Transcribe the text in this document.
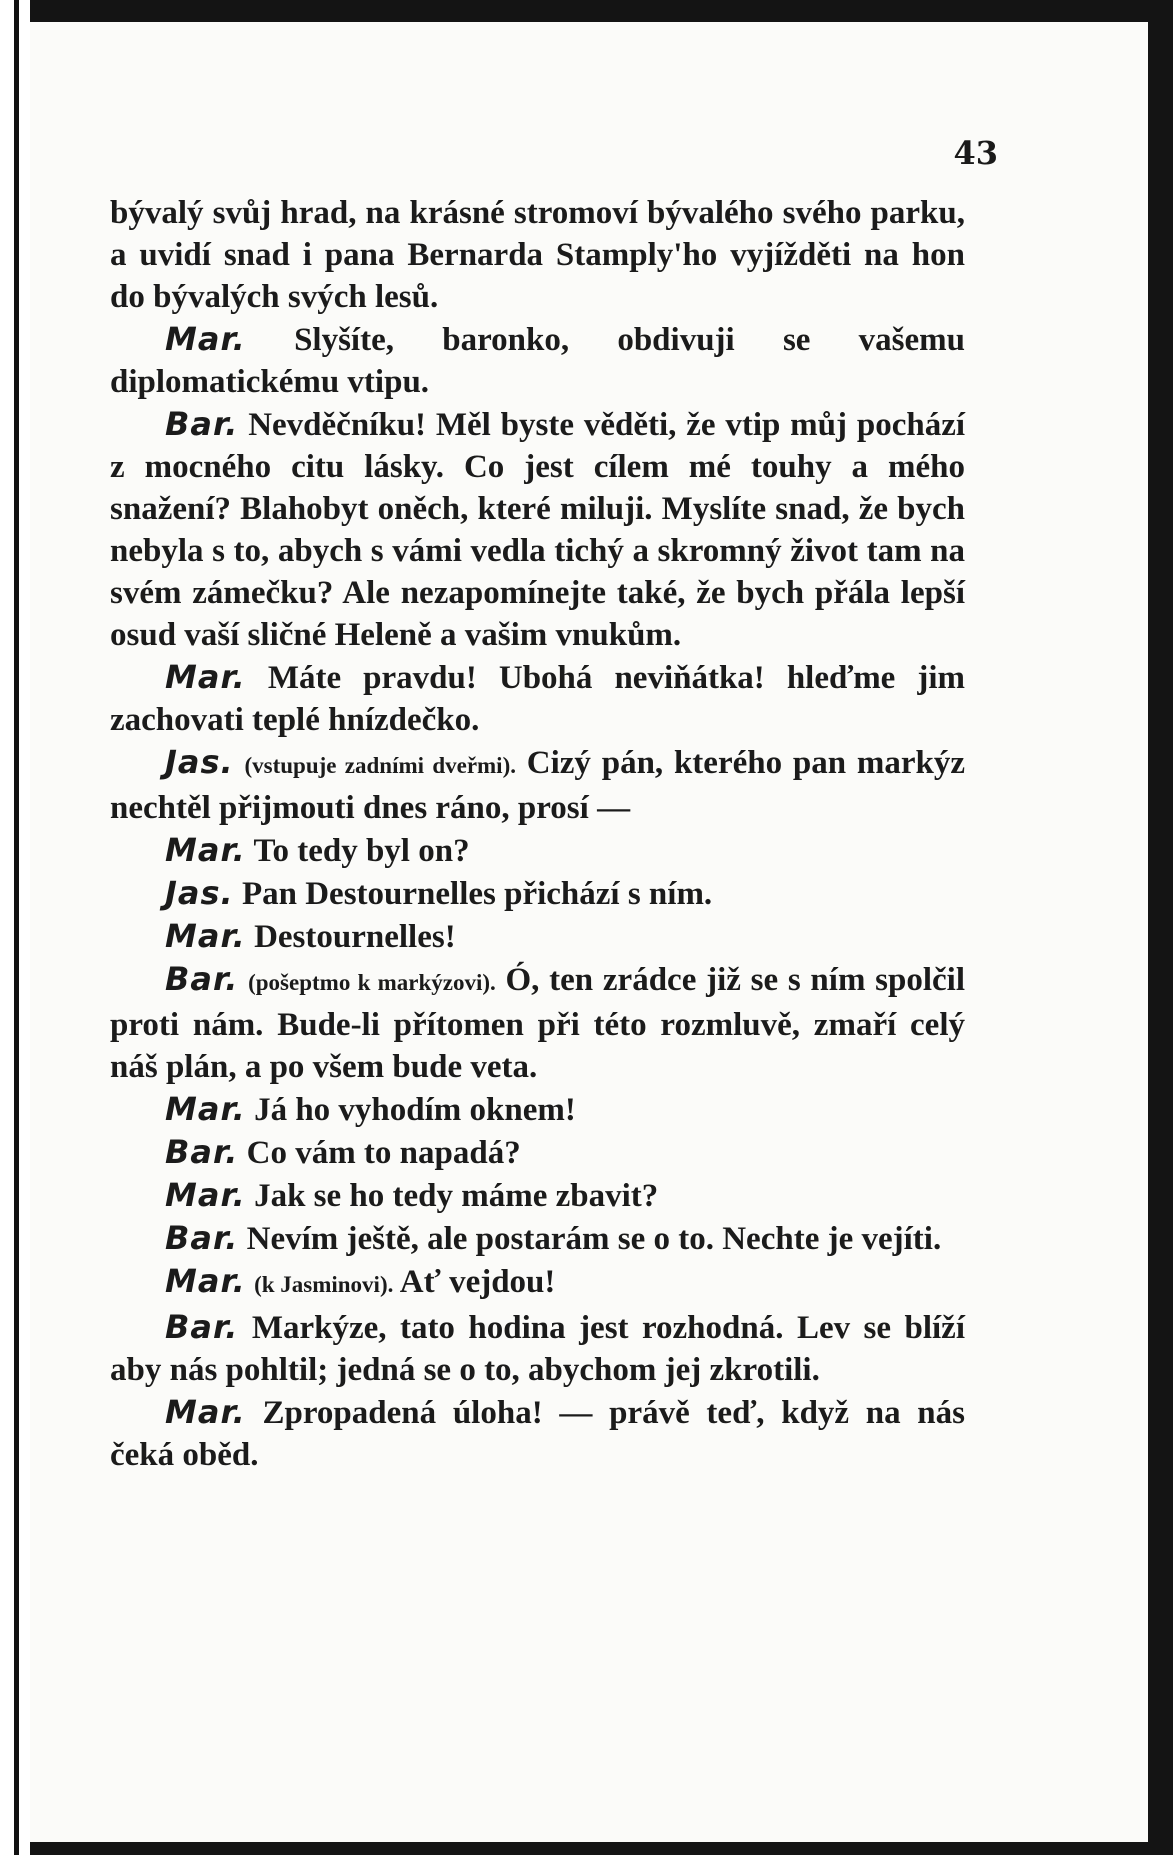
43

bývalý svůj hrad, na krásné stromoví bývalého svého parku, a uvidí snad i pana Bernarda Stamply'ho vyjížděti na hon do bývalých svých lesů.

Mar. Slyšíte, baronko, obdivuji se vašemu diplomatickému vtipu.

Bar. Nevděčníku! Měl byste věděti, že vtip můj pochází z mocného citu lásky. Co jest cílem mé touhy a mého snažení? Blahobyt oněch, které miluji. Myslíte snad, že bych nebyla s to, abych s vámi vedla tichý a skromný život tam na svém zámečku? Ale nezapomínejte také, že bych přála lepší osud vaší sličné Heleně a vašim vnukům.

Mar. Máte pravdu! Ubohá neviňátka! hleďme jim zachovati teplé hnízdečko.

Jas. (vstupuje zadními dveřmi). Cizý pán, kterého pan markýz nechtěl přijmouti dnes ráno, prosí —

Mar. To tedy byl on?

Jas. Pan Destournelles přichází s ním.

Mar. Destournelles!

Bar. (pošeptmo k markýzovi). Ó, ten zrádce již se s ním spolčil proti nám. Bude-li přítomen při této rozmluvě, zmaří celý náš plán, a po všem bude veta.

Mar. Já ho vyhodím oknem!

Bar. Co vám to napadá?

Mar. Jak se ho tedy máme zbavit?

Bar. Nevím ještě, ale postarám se o to. Nechte je vejíti.

Mar. (k Jasminovi). Ať vejdou!

Bar. Markýze, tato hodina jest rozhodná. Lev se blíží aby nás pohltil; jedná se o to, abychom jej zkrotili.

Mar. Zpropadená úloha! — právě teď, když na nás čeká oběd.
